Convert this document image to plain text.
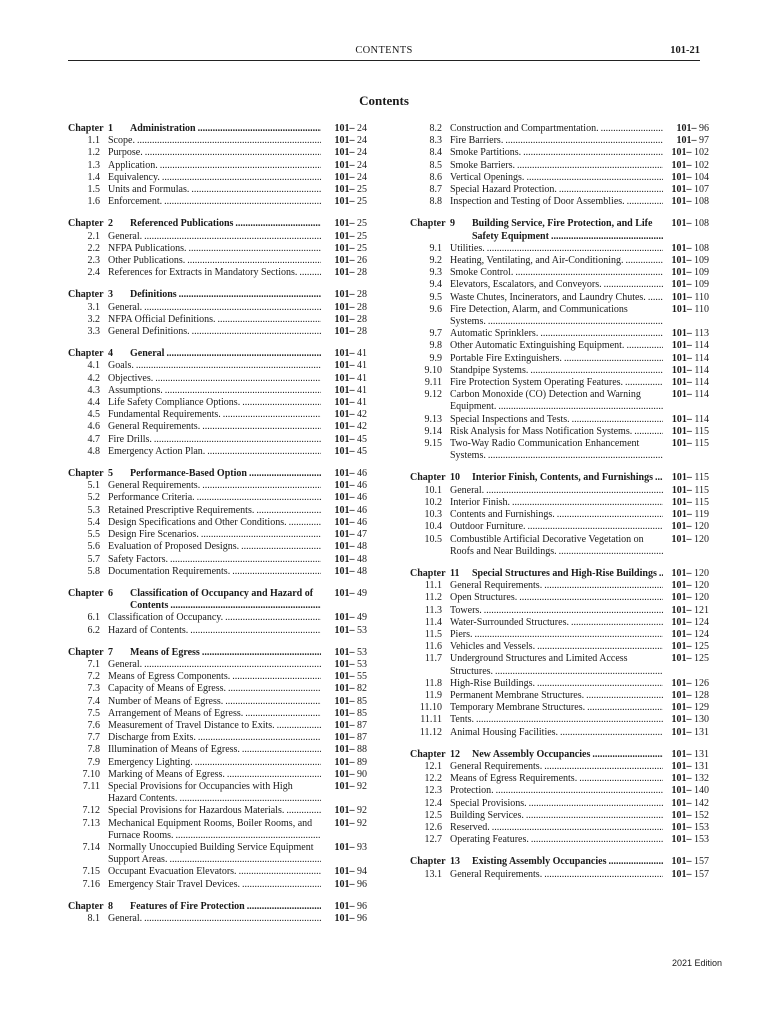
CONTENTS	101-21
Contents
Chapter 1	Administration .....	101– 24
1.1 Scope. .....	101– 24
1.2 Purpose. .....	101– 24
1.3 Application. .....	101– 24
1.4 Equivalency. .....	101– 24
1.5 Units and Formulas. .....	101– 25
1.6 Enforcement. .....	101– 25
Chapter 2	Referenced Publications .....	101– 25
2.1 General. .....	101– 25
2.2 NFPA Publications. .....	101– 25
2.3 Other Publications. .....	101– 26
2.4 References for Extracts in Mandatory Sections. .....	101– 28
Chapter 3	Definitions .....	101– 28
3.1 General. .....	101– 28
3.2 NFPA Official Definitions. .....	101– 28
3.3 General Definitions. .....	101– 28
Chapter 4	General .....	101– 41
4.1 Goals. .....	101– 41
4.2 Objectives. .....	101– 41
4.3 Assumptions. .....	101– 41
4.4 Life Safety Compliance Options. .....	101– 41
4.5 Fundamental Requirements. .....	101– 42
4.6 General Requirements. .....	101– 42
4.7 Fire Drills. .....	101– 45
4.8 Emergency Action Plan. .....	101– 45
Chapter 5	Performance-Based Option .....	101– 46
5.1 General Requirements. .....	101– 46
5.2 Performance Criteria. .....	101– 46
5.3 Retained Prescriptive Requirements. .....	101– 46
5.4 Design Specifications and Other Conditions. .....	101– 46
5.5 Design Fire Scenarios. .....	101– 47
5.6 Evaluation of Proposed Designs. .....	101– 48
5.7 Safety Factors. .....	101– 48
5.8 Documentation Requirements. .....	101– 48
Chapter 6	Classification of Occupancy and Hazard of Contents .....
101– 49
6.1 Classification of Occupancy. .....	101– 49
6.2 Hazard of Contents. .....	101– 53
Chapter 7	Means of Egress .....	101– 53
7.1 General. .....	101– 53
7.2 Means of Egress Components. .....	101– 55
7.3 Capacity of Means of Egress. .....	101– 82
7.4 Number of Means of Egress. .....	101– 85
7.5 Arrangement of Means of Egress. .....	101– 85
7.6 Measurement of Travel Distance to Exits. .....	101– 87
7.7 Discharge from Exits. .....	101– 87
7.8 Illumination of Means of Egress. .....	101– 88
7.9 Emergency Lighting. .....	101– 89
7.10 Marking of Means of Egress. .....	101– 90
7.11 Special Provisions for Occupancies with High Hazard Contents. .....
101– 92
7.12 Special Provisions for Hazardous Materials. .....	101– 92
7.13 Mechanical Equipment Rooms, Boiler Rooms, and Furnace Rooms. .....
101– 92
7.14 Normally Unoccupied Building Service Equipment Support Areas. .....
101– 93
7.15 Occupant Evacuation Elevators. .....	101– 94
7.16 Emergency Stair Travel Devices. .....	101– 96
Chapter 8	Features of Fire Protection .....	101– 96
8.1 General. .....	101– 96
8.2 Construction and Compartmentation. .....	101– 96
8.3 Fire Barriers. .....	101– 97
8.4 Smoke Partitions. .....	101– 102
8.5 Smoke Barriers. .....	101– 102
8.6 Vertical Openings. .....	101– 104
8.7 Special Hazard Protection. .....	101– 107
8.8 Inspection and Testing of Door Assemblies. .....	101– 108
Chapter 9	Building Service, Fire Protection, and Life Safety Equipment .....
101– 108
9.1 Utilities. .....	101– 108
9.2 Heating, Ventilating, and Air-Conditioning. .....	101– 109
9.3 Smoke Control. .....	101– 109
9.4 Elevators, Escalators, and Conveyors. .....	101– 109
9.5 Waste Chutes, Incinerators, and Laundry Chutes. .....	101– 110
9.6 Fire Detection, Alarm, and Communications Systems. .....
101– 110
9.7 Automatic Sprinklers. .....	101– 113
9.8 Other Automatic Extinguishing Equipment. .....	101– 114
9.9 Portable Fire Extinguishers. .....	101– 114
9.10 Standpipe Systems. .....	101– 114
9.11 Fire Protection System Operating Features. .....	101– 114
9.12 Carbon Monoxide (CO) Detection and Warning Equipment. .....
101– 114
9.13 Special Inspections and Tests. .....	101– 114
9.14 Risk Analysis for Mass Notification Systems. .....	101– 115
9.15 Two-Way Radio Communication Enhancement Systems. .....
101– 115
Chapter 10	Interior Finish, Contents, and Furnishings .....	101– 115
10.1 General. .....	101– 115
10.2 Interior Finish. .....	101– 115
10.3 Contents and Furnishings. .....	101– 119
10.4 Outdoor Furniture. .....	101– 120
10.5 Combustible Artificial Decorative Vegetation on Roofs and Near Buildings. .....
101– 120
Chapter 11	Special Structures and High-Rise Buildings .....	101– 120
11.1 General Requirements. .....	101– 120
11.2 Open Structures. .....	101– 120
11.3 Towers. .....	101– 121
11.4 Water-Surrounded Structures. .....	101– 124
11.5 Piers. .....	101– 124
11.6 Vehicles and Vessels. .....	101– 125
11.7 Underground Structures and Limited Access Structures. .....
101– 125
11.8 High-Rise Buildings. .....	101– 126
11.9 Permanent Membrane Structures. .....	101– 128
11.10 Temporary Membrane Structures. .....	101– 129
11.11 Tents. .....	101– 130
11.12 Animal Housing Facilities. .....	101– 131
Chapter 12	New Assembly Occupancies .....	101– 131
12.1 General Requirements. .....	101– 131
12.2 Means of Egress Requirements. .....	101– 132
12.3 Protection. .....	101– 140
12.4 Special Provisions. .....	101– 142
12.5 Building Services. .....	101– 152
12.6 Reserved. .....	101– 153
12.7 Operating Features. .....	101– 153
Chapter 13	Existing Assembly Occupancies .....	101– 157
13.1 General Requirements. .....	101– 157
2021 Edition
